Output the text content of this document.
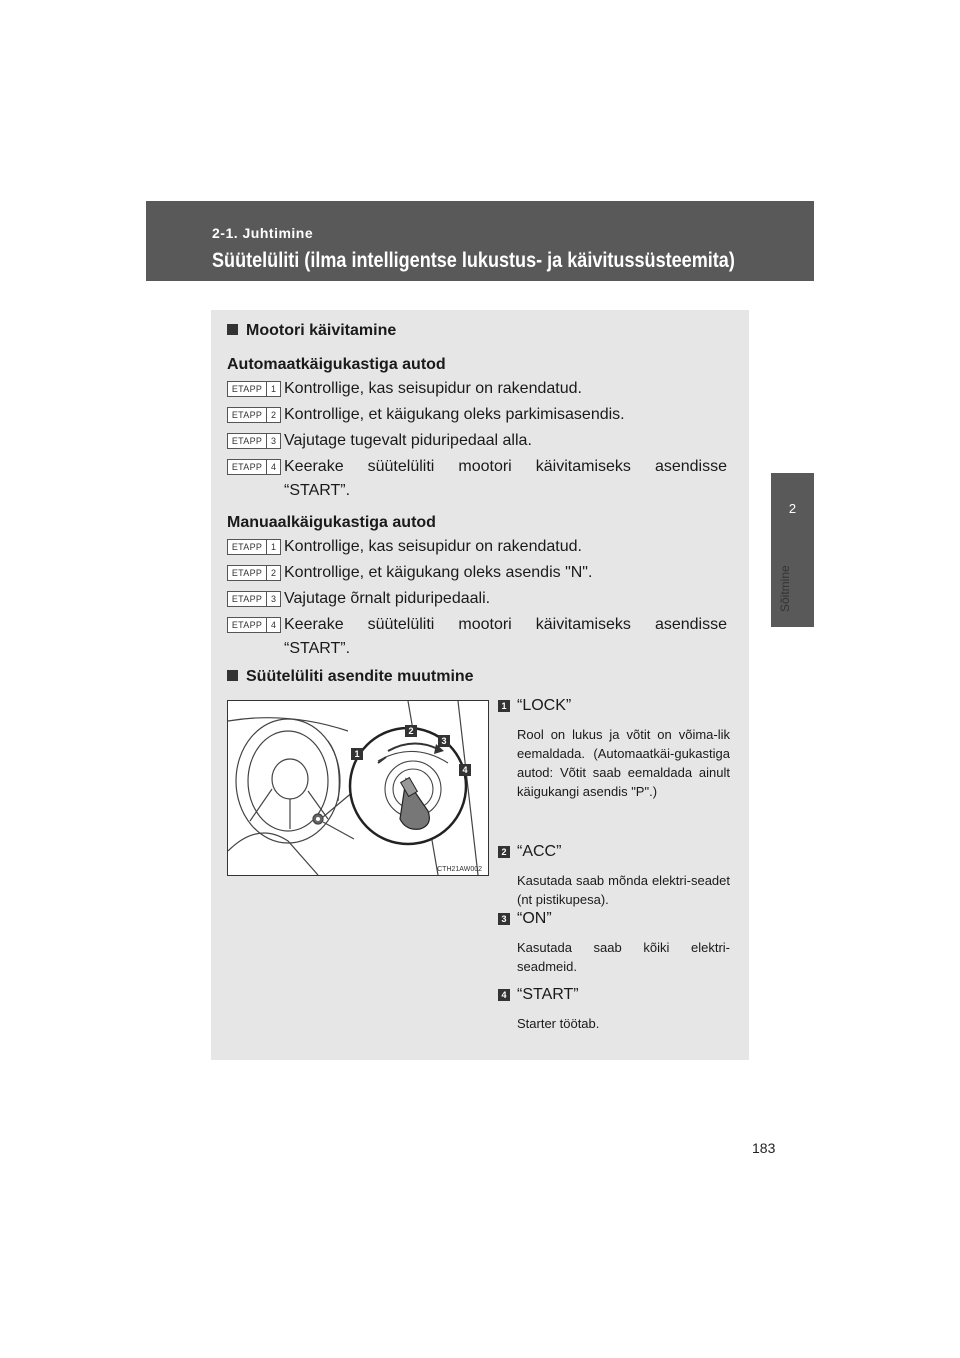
2-1. Juhtimine
Süütelüliti (ilma intelligentse lukustus- ja käivitussüsteemita)
2
Sõitmine
Mootori käivitamine
Automaatkäigukastiga autod
ETAPP 1 Kontrollige, kas seisupidur on rakendatud.
ETAPP 2 Kontrollige, et käigukang oleks parkimisasendis.
ETAPP 3 Vajutage tugevalt piduripedaal alla.
ETAPP 4 Keerake süütelüliti mootori käivitamiseks asendisse
“START”.
Manuaalkäigukastiga autod
ETAPP 1 Kontrollige, kas seisupidur on rakendatud.
ETAPP 2 Kontrollige, et käigukang oleks asendis "N".
ETAPP 3 Vajutage õrnalt piduripedaali.
ETAPP 4 Keerake süütelüliti mootori käivitamiseks asendisse
“START”.
Süütelüliti asendite muutmine
1
2
3
4
CTH21AW002
1 “LOCK”
Rool on lukus ja võtit on võima-lik eemaldada. (Automaatkäi-gukastiga autod: Võtit saab eemaldada ainult käigukangi asendis "P".)
2 “ACC”
Kasutada saab mõnda elektri-seadet (nt pistikupesa).
3 “ON”
Kasutada saab kõiki elektri-seadmeid.
4 “START”
Starter töötab.
183
